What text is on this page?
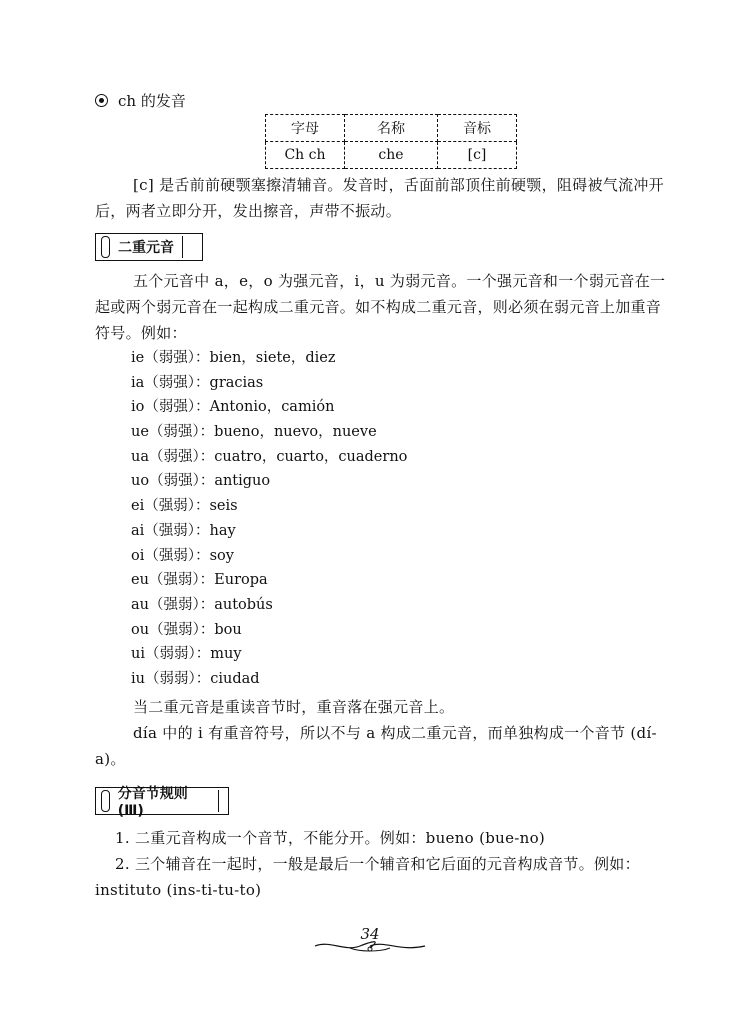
ch 的发音
字母	名称	音标
Ch ch	che	[c]
[c] 是舌前前硬颚塞擦清辅音。发音时，舌面前部顶住前硬颚，阻碍被气流冲开后，两者立即分开，发出擦音，声带不振动。
二重元音
五个元音中 a，e，o 为强元音，i，u 为弱元音。一个强元音和一个弱元音在一起或两个弱元音在一起构成二重元音。如不构成二重元音，则必须在弱元音上加重音符号。例如：
ie（弱强）：bien，siete，diez
ia（弱强）：gracias
io（弱强）：Antonio，camión
ue（弱强）：bueno，nuevo，nueve
ua（弱强）：cuatro，cuarto，cuaderno
uo（弱强）：antiguo
ei（强弱）：seis
ai（强弱）：hay
oi（强弱）：soy
eu（强弱）：Europa
au（强弱）：autobús
ou（强弱）：bou
ui（弱弱）：muy
iu（弱弱）：ciudad
当二重元音是重读音节时，重音落在强元音上。
día 中的 i 有重音符号，所以不与 a 构成二重元音，而单独构成一个音节 (dí-a)。
分音节规则(Ⅲ)
1. 二重元音构成一个音节，不能分开。例如：bueno (bue-no)
2. 三个辅音在一起时，一般是最后一个辅音和它后面的元音构成音节。例如：instituto (ins-ti-tu-to)
34
